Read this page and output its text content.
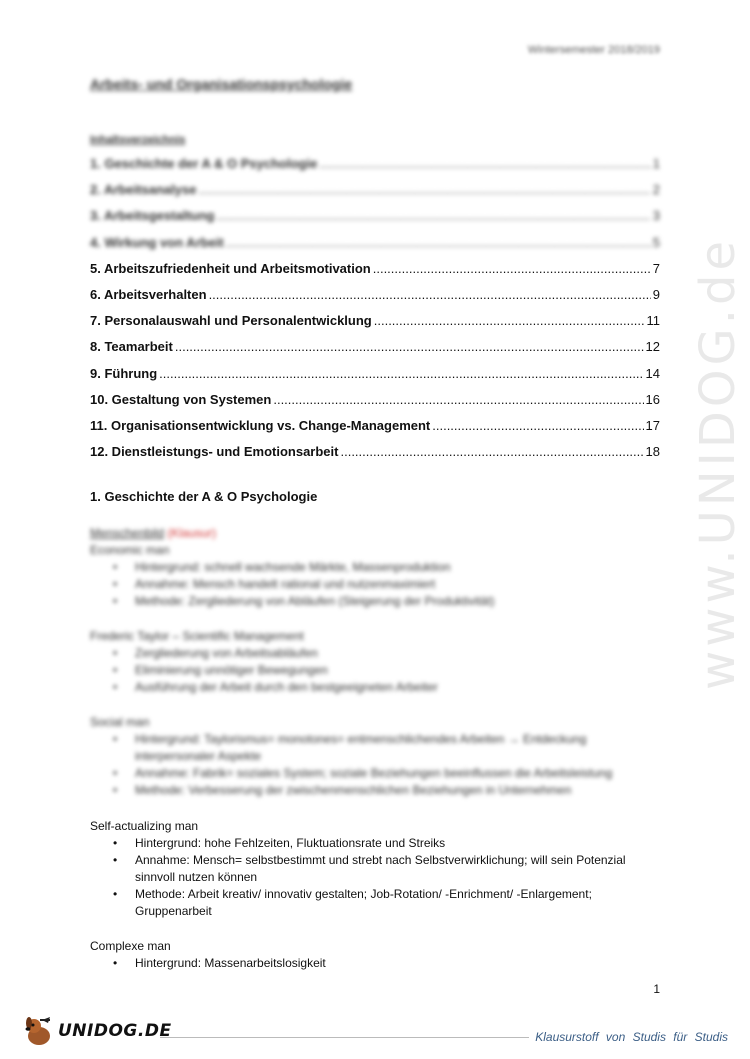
Wintersemester 2018/2019
Arbeits- und Organisationspsychologie
Inhaltsverzeichnis
1. Geschichte der A & O Psychologie .....	1
2. Arbeitsanalyse .....	2
3. Arbeitsgestaltung .....	3
4. Wirkung von Arbeit .....	5
5. Arbeitszufriedenheit und Arbeitsmotivation .....	7
6. Arbeitsverhalten .....	9
7. Personalauswahl und Personalentwicklung .....	11
8. Teamarbeit .....	12
9. Führung .....	14
10. Gestaltung von Systemen .....	16
11. Organisationsentwicklung vs. Change-Management .....	17
12. Dienstleistungs- und Emotionsarbeit .....	18
1. Geschichte der A & O Psychologie
Menschenbild (Klausur)
Economic man
• Hintergrund: schnell wachsende Märkte, Massenproduktion
• Annahme: Mensch handelt rational und nutzenmaximiert
• Methode: Zergliederung von Abläufen (Steigerung der Produktivität)
Frederic Taylor – Scientific Management
• Zergliederung von Arbeitsabläufen
• Eliminierung unnötiger Bewegungen
• Ausführung der Arbeit durch den bestgeeigneten Arbeiter
Social man
• Hintergrund: Taylorismus= monotones= entmenschlichendes Arbeiten → Entdeckung interpersonaler Aspekte
• Annahme: Fabrik= soziales System; soziale Beziehungen beeinflussen die Arbeitsleistung
• Methode: Verbesserung der zwischenmenschlichen Beziehungen in Unternehmen
Self-actualizing man
• Hintergrund: hohe Fehlzeiten, Fluktuationsrate und Streiks
• Annahme: Mensch= selbstbestimmt und strebt nach Selbstverwirklichung; will sein Potenzial sinnvoll nutzen können
• Methode: Arbeit kreativ/ innovativ gestalten; Job-Rotation/ -Enrichment/ -Enlargement; Gruppenarbeit
Complexe man
• Hintergrund: Massenarbeitslosigkeit
www.UNIDOG.de
1
UNIDOG.DE	Klausurstoff von Studis für Studis
